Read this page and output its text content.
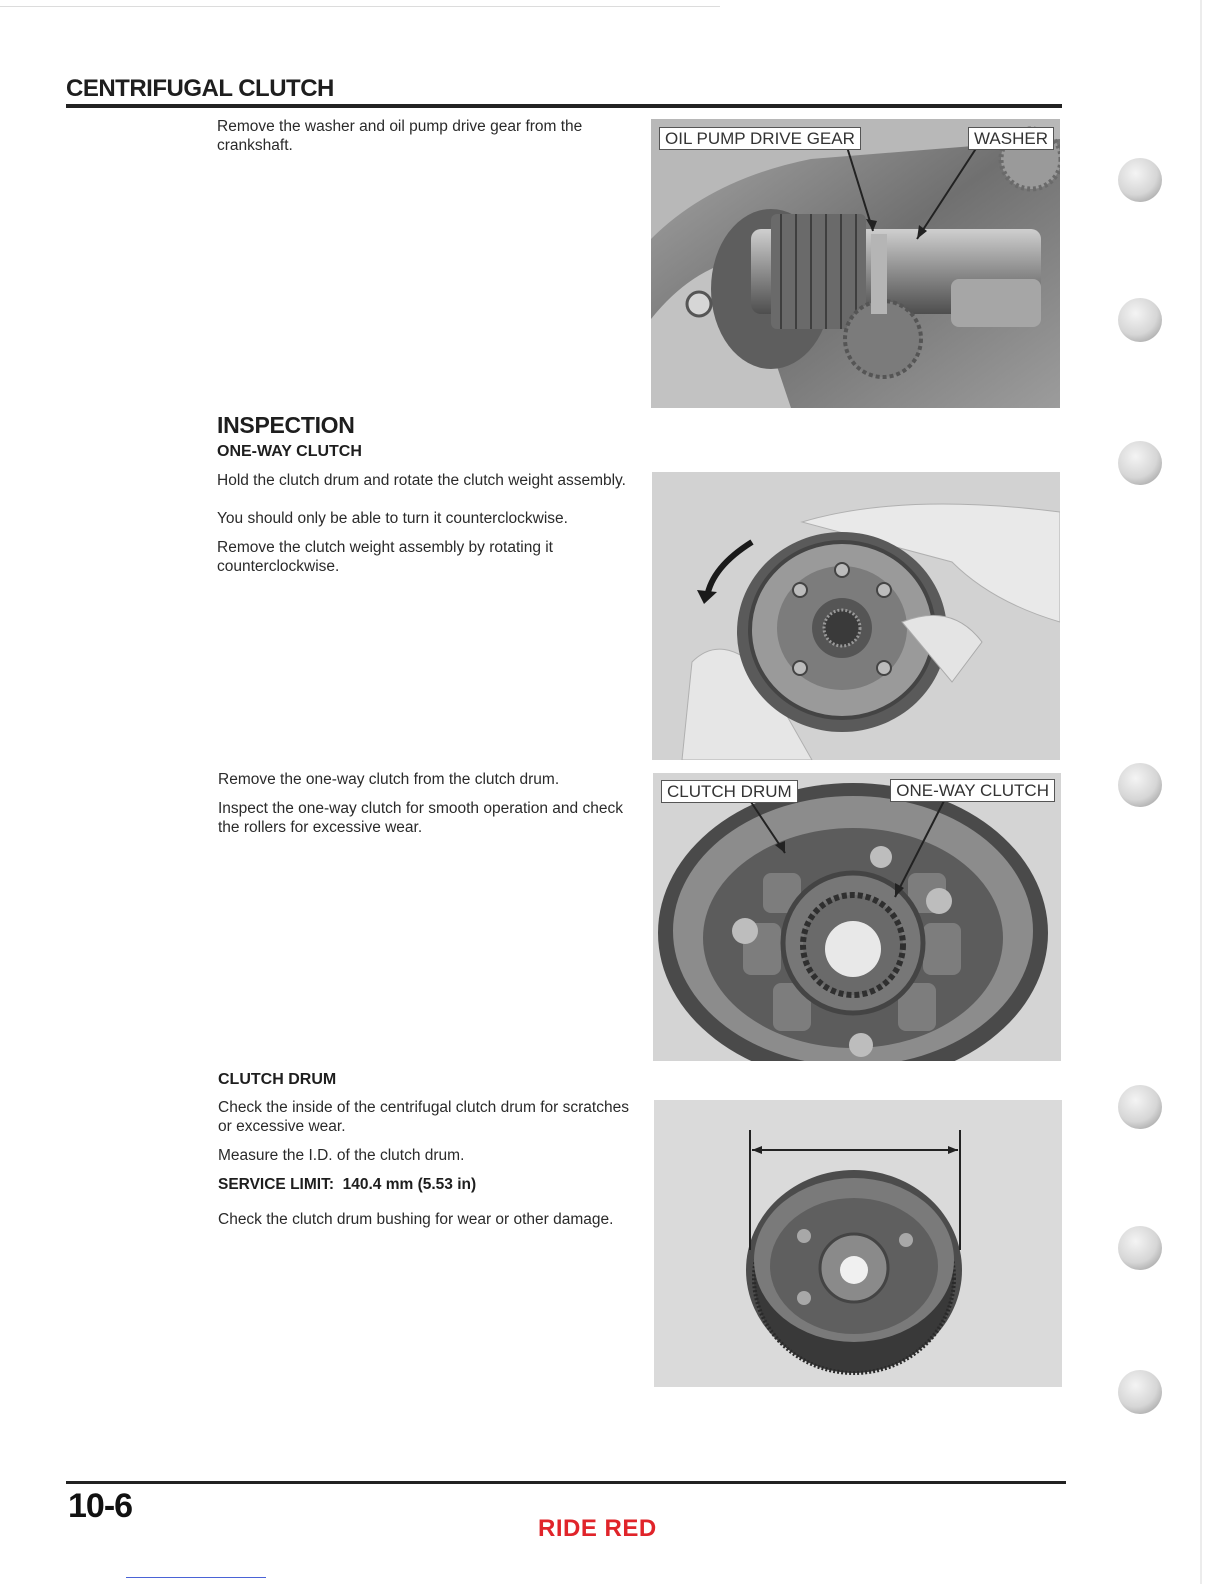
CENTRIFUGAL CLUTCH

Remove the washer and oil pump drive gear from the crankshaft.	OIL PUMP DRIVE GEAR	WASHER
INSPECTION
ONE-WAY CLUTCH

Hold the clutch drum and rotate the clutch weight assembly.

You should only be able to turn it counterclockwise.

Remove the clutch weight assembly by rotating it counterclockwise.

Remove the one-way clutch from the clutch drum.

Inspect the one-way clutch for smooth operation and check the rollers for excessive wear.

CLUTCH DRUM	ONE-WAY CLUTCH
CLUTCH DRUM

Check the inside of the centrifugal clutch drum for scratches or excessive wear.

Measure the I.D. of the clutch drum.

SERVICE LIMIT: 140.4 mm (5.53 in)

Check the clutch drum bushing for wear or other damage.

10-6

RIDE RED
